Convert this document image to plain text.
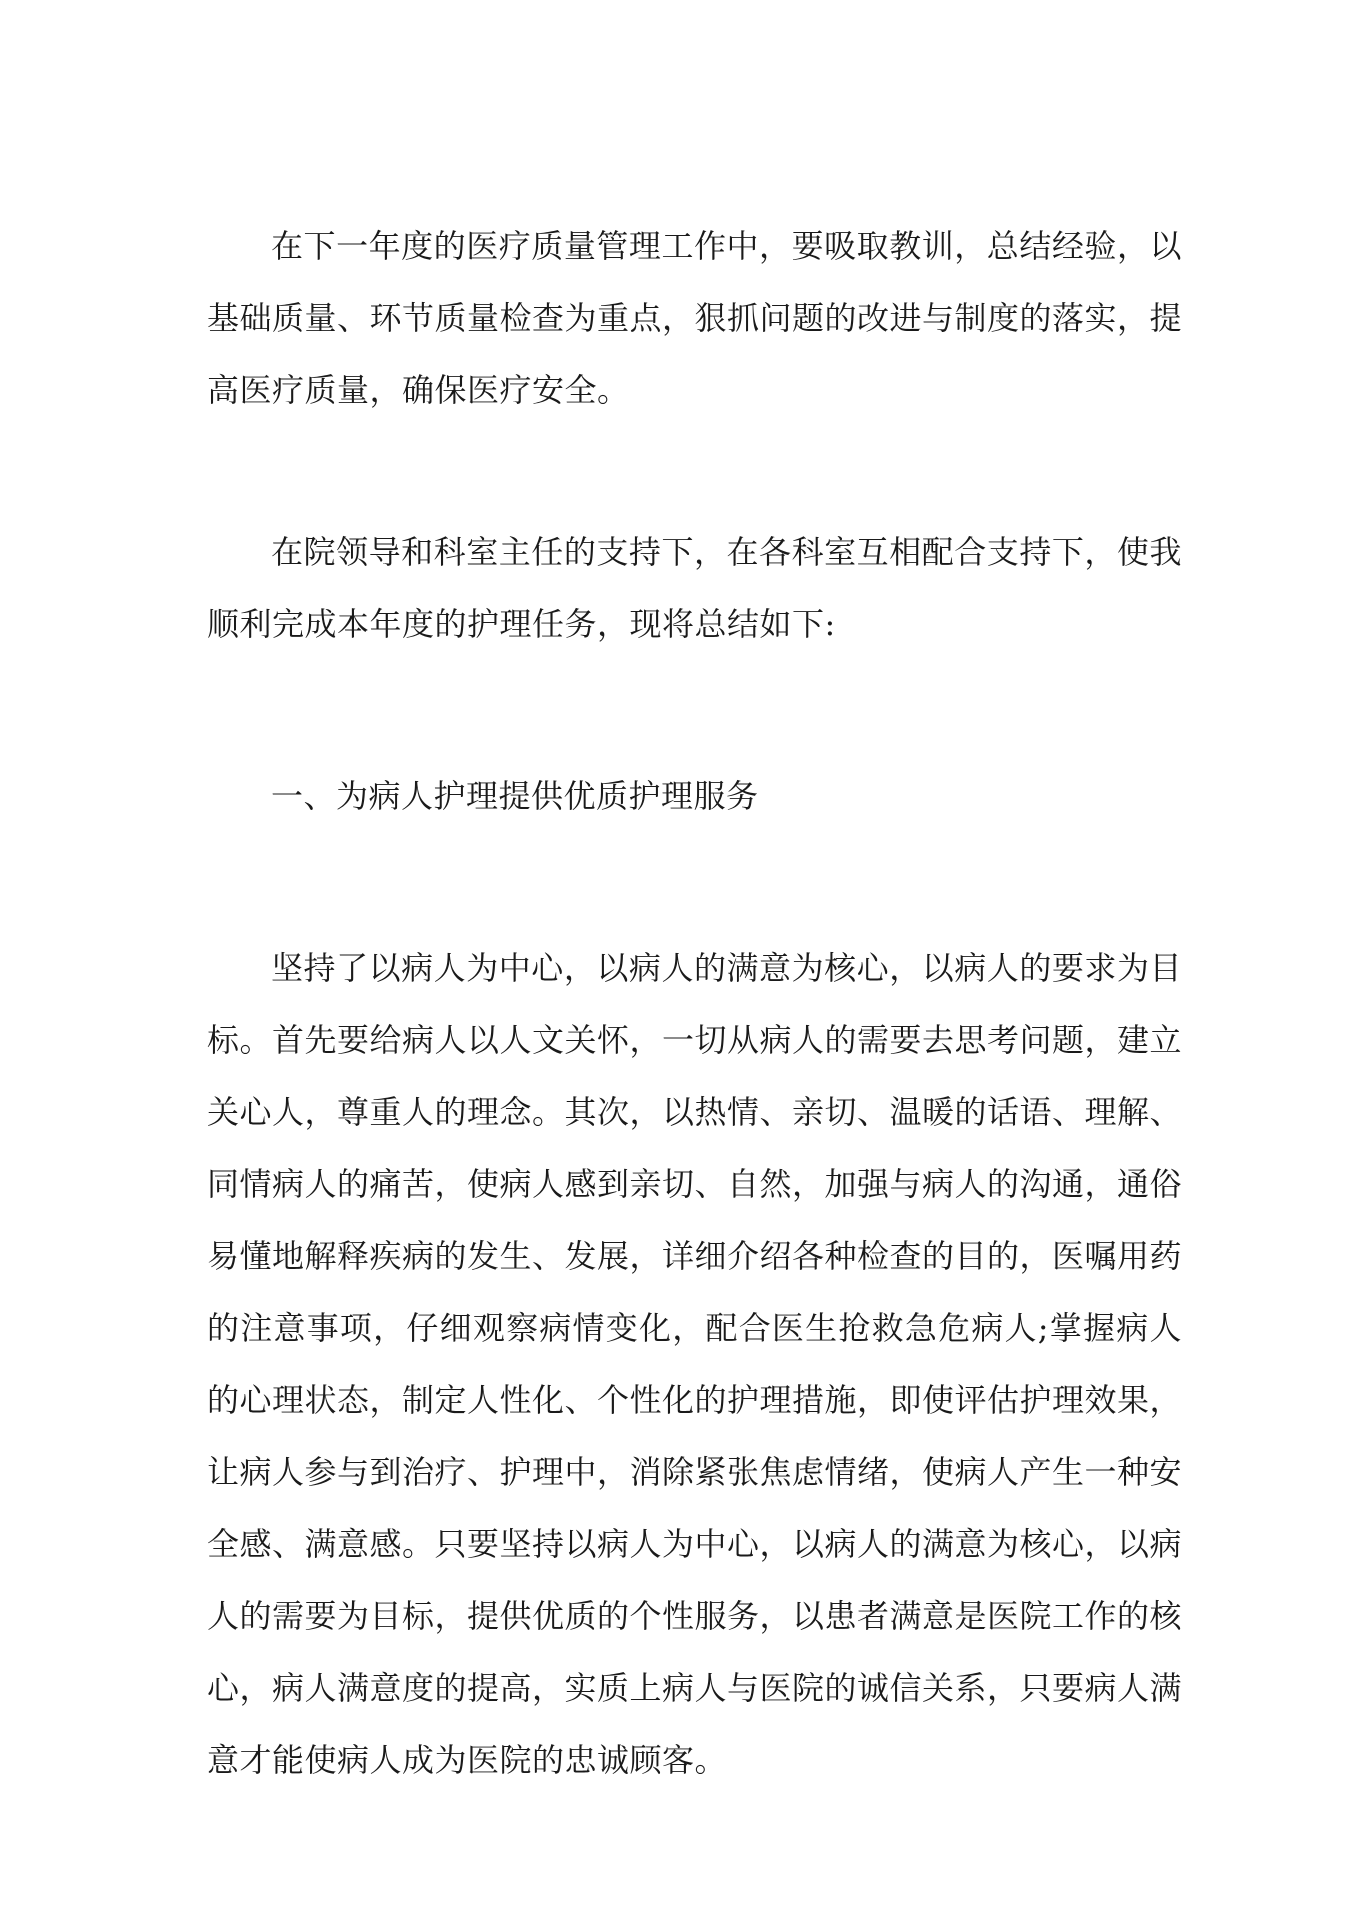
在下一年度的医疗质量管理工作中，要吸取教训，总结经验，以基础质量、环节质量检查为重点，狠抓问题的改进与制度的落实，提高医疗质量，确保医疗安全。

在院领导和科室主任的支持下，在各科室互相配合支持下，使我顺利完成本年度的护理任务，现将总结如下:

一、为病人护理提供优质护理服务

坚持了以病人为中心，以病人的满意为核心，以病人的要求为目标。首先要给病人以人文关怀，一切从病人的需要去思考问题，建立关心人，尊重人的理念。其次，以热情、亲切、温暖的话语、理解、同情病人的痛苦，使病人感到亲切、自然，加强与病人的沟通，通俗易懂地解释疾病的发生、发展，详细介绍各种检查的目的，医嘱用药的注意事项，仔细观察病情变化，配合医生抢救急危病人;掌握病人的心理状态，制定人性化、个性化的护理措施，即使评估护理效果，让病人参与到治疗、护理中，消除紧张焦虑情绪，使病人产生一种安全感、满意感。只要坚持以病人为中心，以病人的满意为核心，以病人的需要为目标，提供优质的个性服务，以患者满意是医院工作的核心，病人满意度的提高，实质上病人与医院的诚信关系，只要病人满意才能使病人成为医院的忠诚顾客。
